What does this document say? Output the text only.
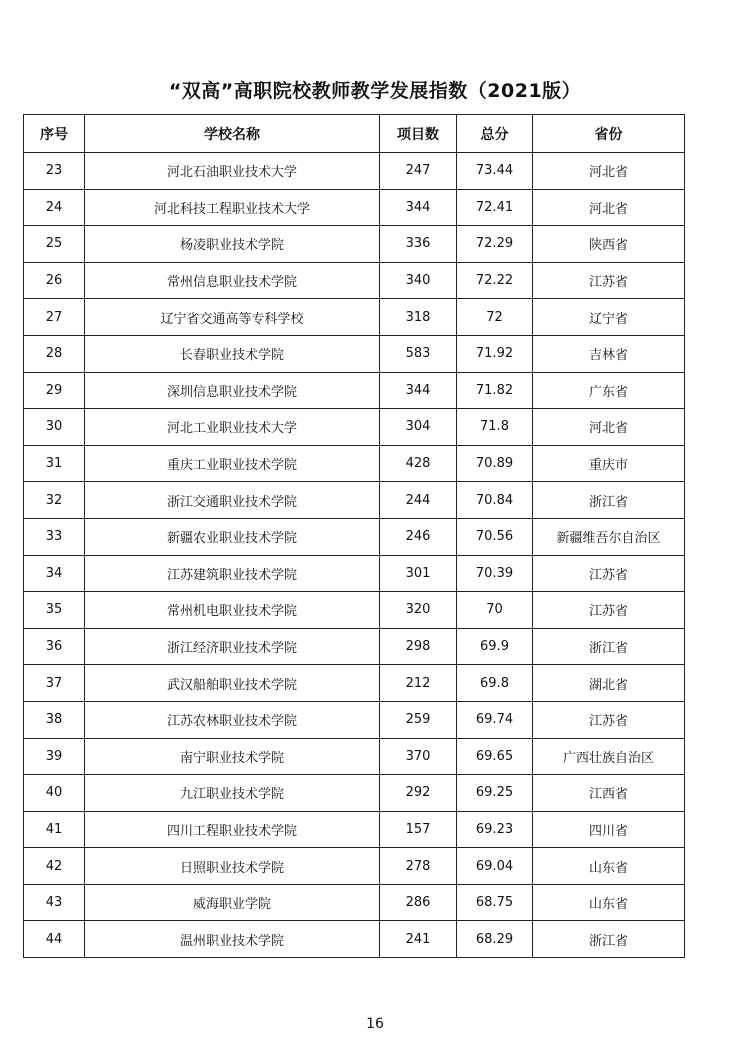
“双高”高职院校教师教学发展指数（2021版）
序号	学校名称	项目数	总分	省份
23	河北石油职业技术大学	247	73.44	河北省
24	河北科技工程职业技术大学	344	72.41	河北省
25	杨凌职业技术学院	336	72.29	陕西省
26	常州信息职业技术学院	340	72.22	江苏省
27	辽宁省交通高等专科学校	318	72	辽宁省
28	长春职业技术学院	583	71.92	吉林省
29	深圳信息职业技术学院	344	71.82	广东省
30	河北工业职业技术大学	304	71.8	河北省
31	重庆工业职业技术学院	428	70.89	重庆市
32	浙江交通职业技术学院	244	70.84	浙江省
33	新疆农业职业技术学院	246	70.56	新疆维吾尔自治区
34	江苏建筑职业技术学院	301	70.39	江苏省
35	常州机电职业技术学院	320	70	江苏省
36	浙江经济职业技术学院	298	69.9	浙江省
37	武汉船舶职业技术学院	212	69.8	湖北省
38	江苏农林职业技术学院	259	69.74	江苏省
39	南宁职业技术学院	370	69.65	广西壮族自治区
40	九江职业技术学院	292	69.25	江西省
41	四川工程职业技术学院	157	69.23	四川省
42	日照职业技术学院	278	69.04	山东省
43	威海职业学院	286	68.75	山东省
44	温州职业技术学院	241	68.29	浙江省
16
